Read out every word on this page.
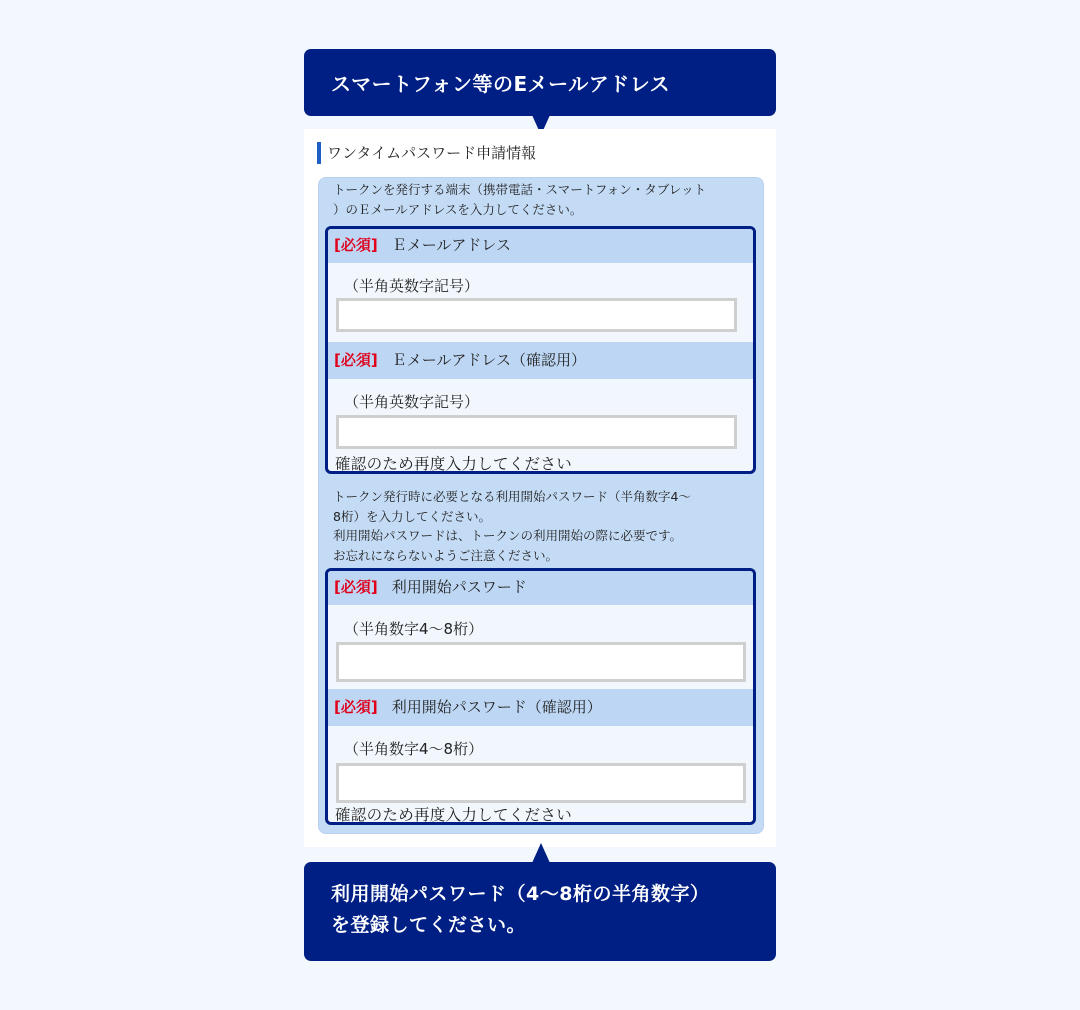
スマートフォン等のEメールアドレス
ワンタイムパスワード申請情報
トークンを発行する端末（携帯電話・スマートフォン・タブレット
）のＥメールアドレスを入力してください。
[必須] Ｅメールアドレス
（半角英数字記号）
[必須] Ｅメールアドレス（確認用）
（半角英数字記号）
確認のため再度入力してください
トークン発行時に必要となる利用開始パスワード（半角数字4〜
8桁）を入力してください。
利用開始パスワードは、トークンの利用開始の際に必要です。
お忘れにならないようご注意ください。
[必須] 利用開始パスワード
（半角数字4〜8桁）
[必須] 利用開始パスワード（確認用）
（半角数字4〜8桁）
確認のため再度入力してください
利用開始パスワード（4〜8桁の半角数字）
を登録してください。
